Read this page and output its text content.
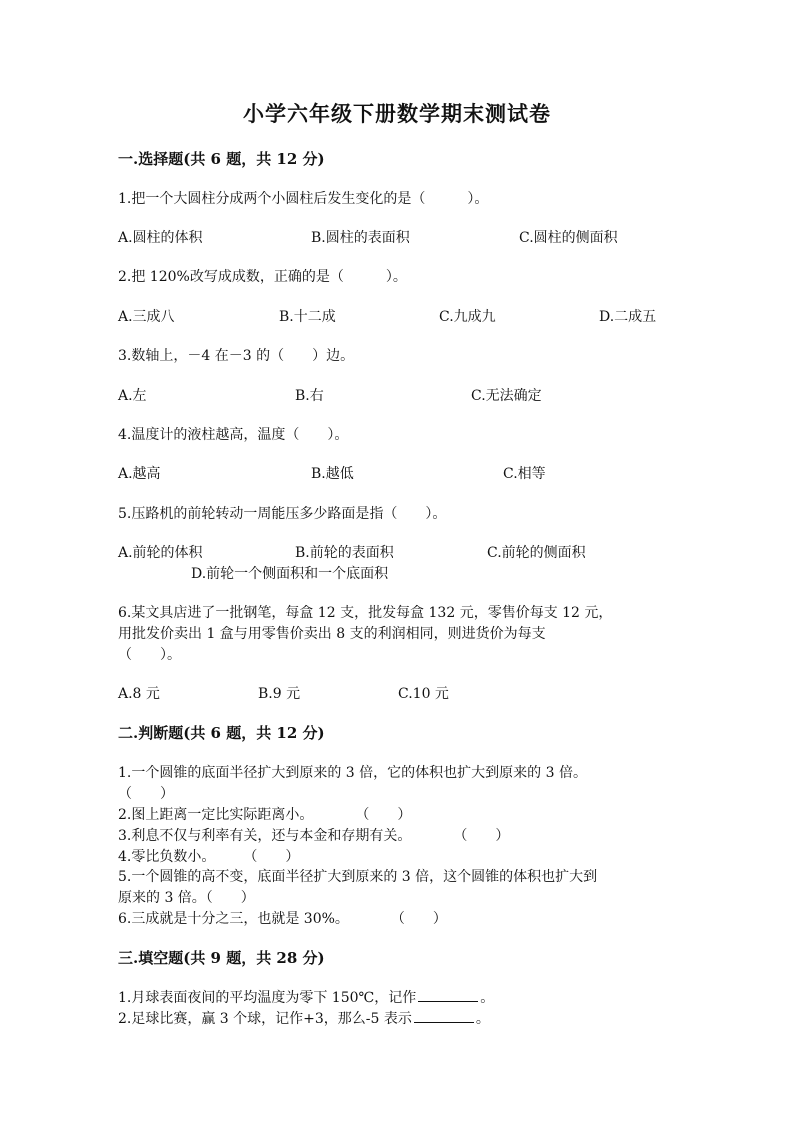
小学六年级下册数学期末测试卷
一.选择题(共 6 题，共 12 分)
1.把一个大圆柱分成两个小圆柱后发生变化的是（　　　）。
A.圆柱的体积	B.圆柱的表面积	C.圆柱的侧面积
2.把 120%改写成成数，正确的是（　　　）。
A.三成八	B.十二成	C.九成九	D.二成五
3.数轴上，－4 在－3 的（　　）边。
A.左	B.右	C.无法确定
4.温度计的液柱越高，温度（　　）。
A.越高	B.越低	C.相等
5.压路机的前轮转动一周能压多少路面是指（　　）。
A.前轮的体积	B.前轮的表面积	C.前轮的侧面积
D.前轮一个侧面积和一个底面积
6.某文具店进了一批钢笔，每盒 12 支，批发每盒 132 元，零售价每支 12 元，
用批发价卖出 1 盒与用零售价卖出 8 支的利润相同，则进货价为每支
（　　）。
A.8 元	B.9 元	C.10 元
二.判断题(共 6 题，共 12 分)
1.一个圆锥的底面半径扩大到原来的 3 倍，它的体积也扩大到原来的 3 倍。
（　　）
2.图上距离一定比实际距离小。　　　　（　　）
3.利息不仅与利率有关，还与本金和存期有关。　　　　（　　）
4.零比负数小。　　　（　　）
5.一个圆锥的高不变，底面半径扩大到原来的 3 倍，这个圆锥的体积也扩大到
原来的 3 倍。（　　）
6.三成就是十分之三，也就是 30%。　　　　（　　）
三.填空题(共 9 题，共 28 分)
1.月球表面夜间的平均温度为零下 150℃，记作	。
2.足球比赛，赢 3 个球，记作+3，那么-5 表示	。
